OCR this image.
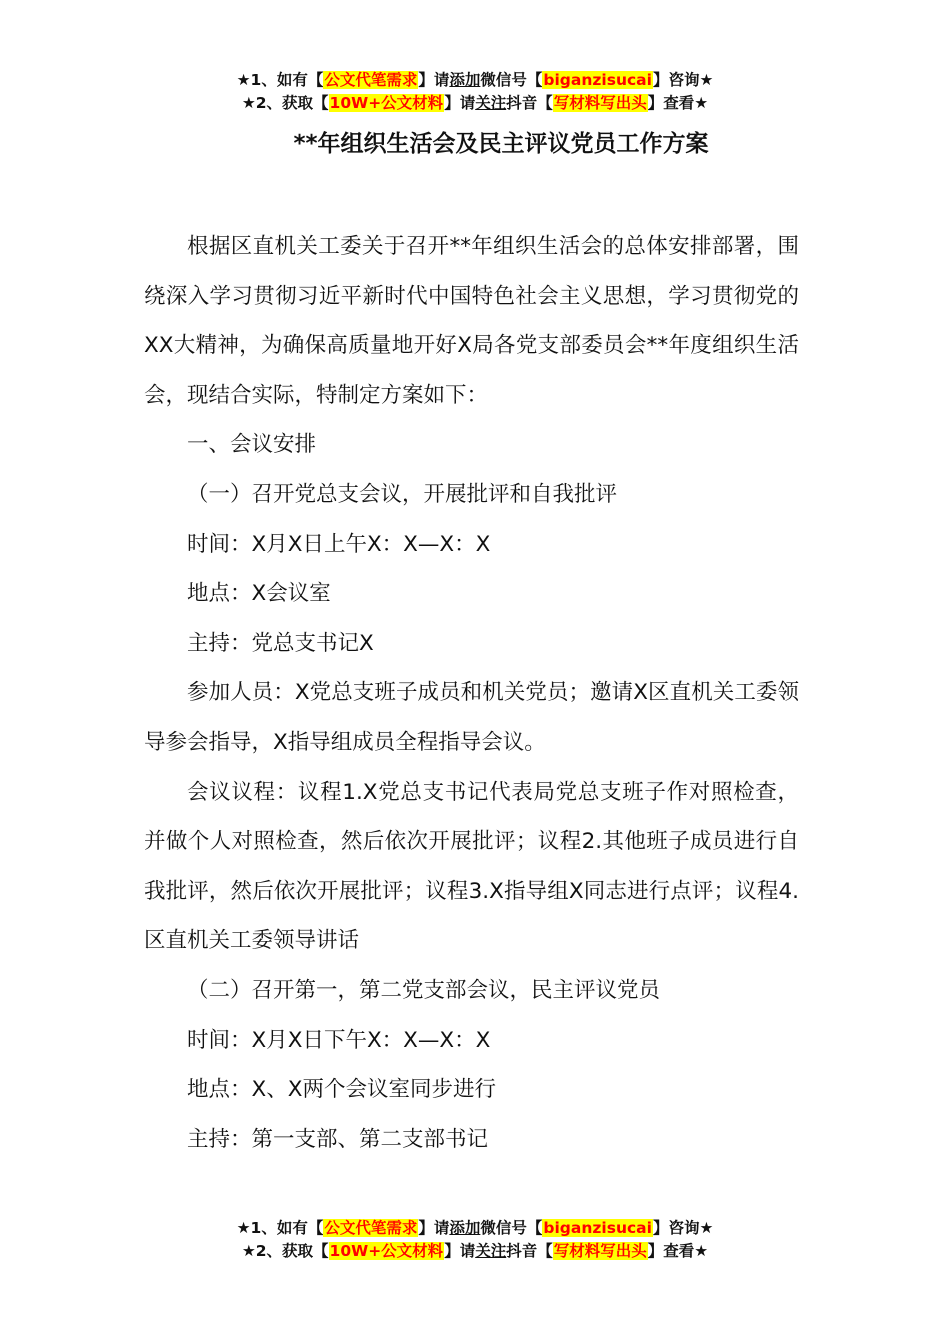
★1、如有【公文代笔需求】请添加微信号【biganzisucai】咨询★
★2、获取【10W+公文材料】请关注抖音【写材料写出头】查看★
**年组织生活会及民主评议党员工作方案

根据区直机关工委关于召开**年组织生活会的总体安排部署，围绕深入学习贯彻习近平新时代中国特色社会主义思想，学习贯彻党的XX大精神，为确保高质量地开好X局各党支部委员会**年度组织生活会，现结合实际，特制定方案如下：

一、会议安排

（一）召开党总支会议，开展批评和自我批评

时间：X月X日上午X：X—X：X

地点：X会议室

主持：党总支书记X

参加人员：X党总支班子成员和机关党员；邀请X区直机关工委领导参会指导，X指导组成员全程指导会议。

会议议程：议程1.X党总支书记代表局党总支班子作对照检查，并做个人对照检查，然后依次开展批评；议程2.其他班子成员进行自我批评，然后依次开展批评；议程3.X指导组X同志进行点评；议程4.区直机关工委领导讲话

（二）召开第一，第二党支部会议，民主评议党员

时间：X月X日下午X：X—X：X

地点：X、X两个会议室同步进行

主持：第一支部、第二支部书记

★1、如有【公文代笔需求】请添加微信号【biganzisucai】咨询★
★2、获取【10W+公文材料】请关注抖音【写材料写出头】查看★
